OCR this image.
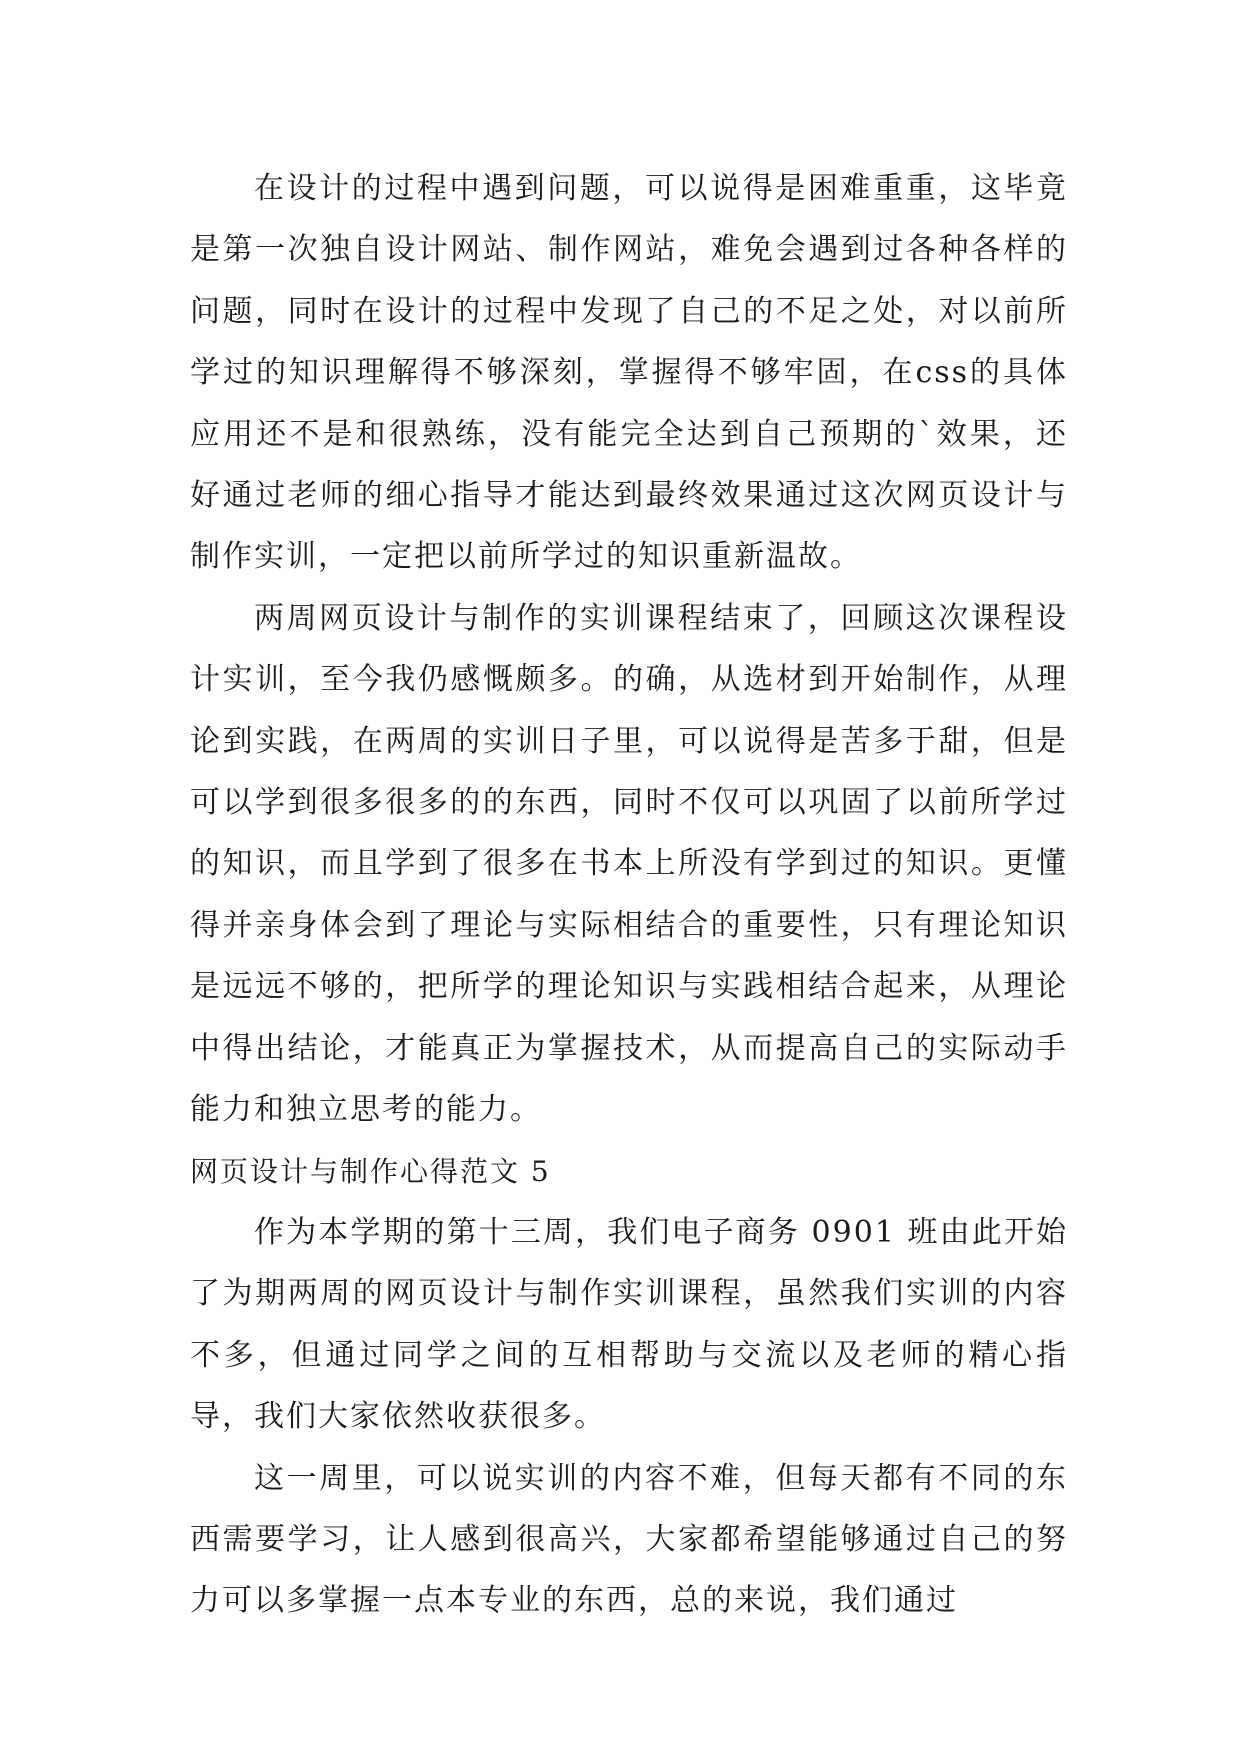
在设计的过程中遇到问题，可以说得是困难重重，这毕竟是第一次独自设计网站、制作网站，难免会遇到过各种各样的问题，同时在设计的过程中发现了自己的不足之处，对以前所学过的知识理解得不够深刻，掌握得不够牢固，在css的具体应用还不是和很熟练，没有能完全达到自己预期的`效果，还好通过老师的细心指导才能达到最终效果通过这次网页设计与制作实训，一定把以前所学过的知识重新温故。

两周网页设计与制作的实训课程结束了，回顾这次课程设计实训，至今我仍感慨颇多。的确，从选材到开始制作，从理论到实践，在两周的实训日子里，可以说得是苦多于甜，但是可以学到很多很多的的东西，同时不仅可以巩固了以前所学过的知识，而且学到了很多在书本上所没有学到过的知识。更懂得并亲身体会到了理论与实际相结合的重要性，只有理论知识是远远不够的，把所学的理论知识与实践相结合起来，从理论中得出结论，才能真正为掌握技术，从而提高自己的实际动手能力和独立思考的能力。

网页设计与制作心得范文 5

作为本学期的第十三周，我们电子商务 0901 班由此开始了为期两周的网页设计与制作实训课程，虽然我们实训的内容不多，但通过同学之间的互相帮助与交流以及老师的精心指导，我们大家依然收获很多。

这一周里，可以说实训的内容不难，但每天都有不同的东西需要学习，让人感到很高兴，大家都希望能够通过自己的努力可以多掌握一点本专业的东西，总的来说，我们通过
